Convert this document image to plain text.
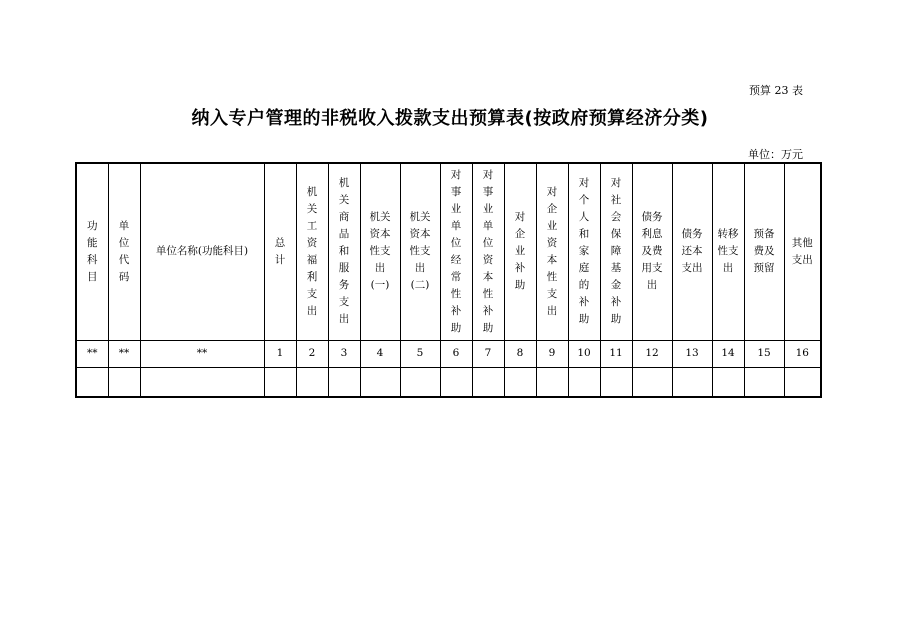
预算 23 表
纳入专户管理的非税收入拨款支出预算表(按政府预算经济分类)
单位：万元
功能科目	单位代码	单位名称(功能科目)	总计	机关工资福利支出	机关商品和服务支出	机关资本性支出(一)	机关资本性支出(二)	对事业单位经常性补助	对事业单位资本性补助	对企业补助	对企业资本性支出	对个人和家庭的补助	对社会保障基金补助	债务利息及费用支出	债务还本支出	转移性支出	预备费及预留	其他支出

**	**	**	1	2	3	4	5	6	7	8	9	10	11	12	13	14	15	16
